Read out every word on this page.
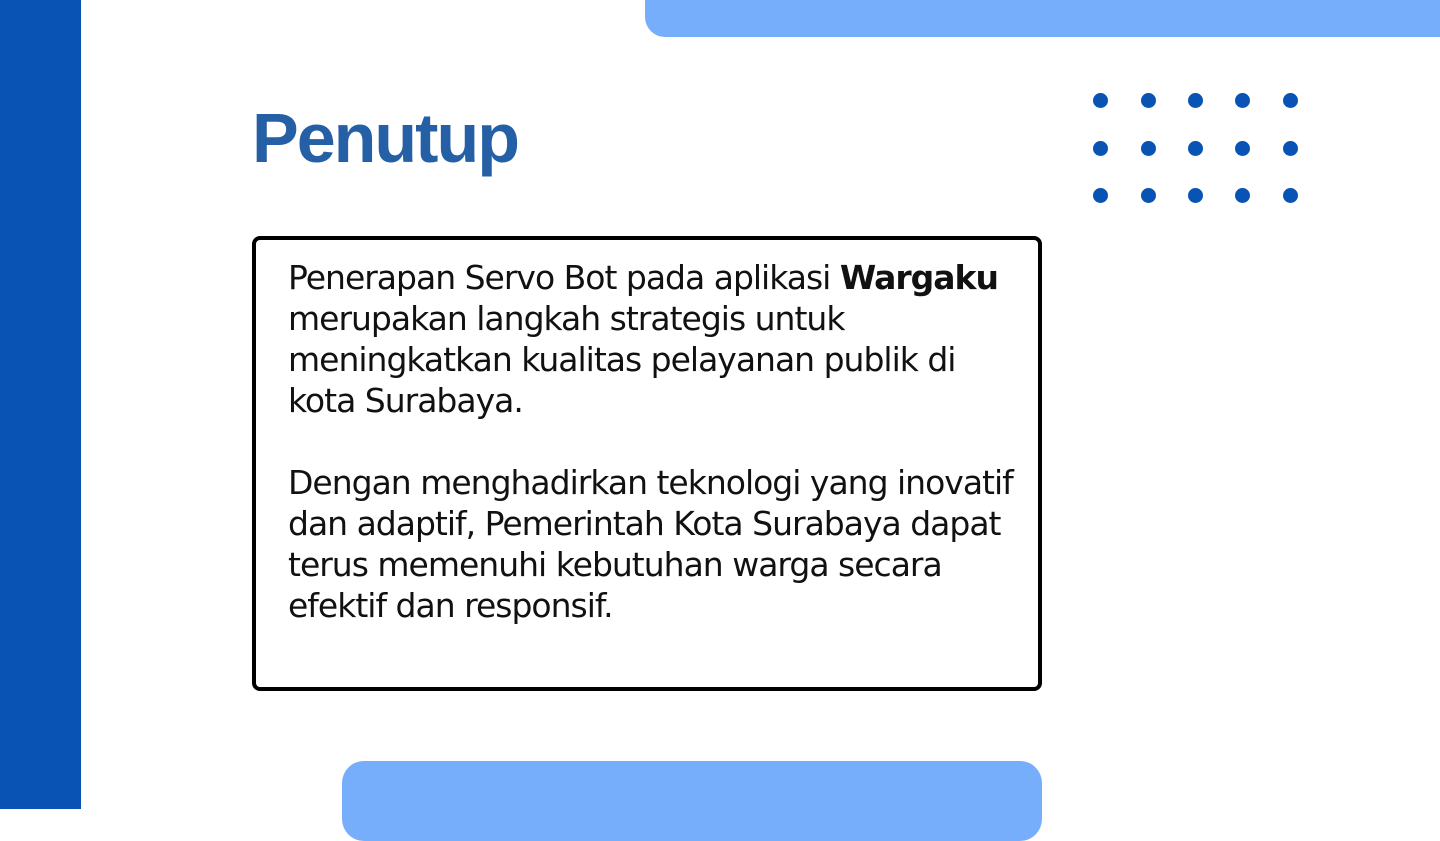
Penutup

Penerapan Servo Bot pada aplikasi Wargaku merupakan langkah strategis untuk meningkatkan kualitas pelayanan publik di kota Surabaya.

Dengan menghadirkan teknologi yang inovatif dan adaptif, Pemerintah Kota Surabaya dapat terus memenuhi kebutuhan warga secara efektif dan responsif.
